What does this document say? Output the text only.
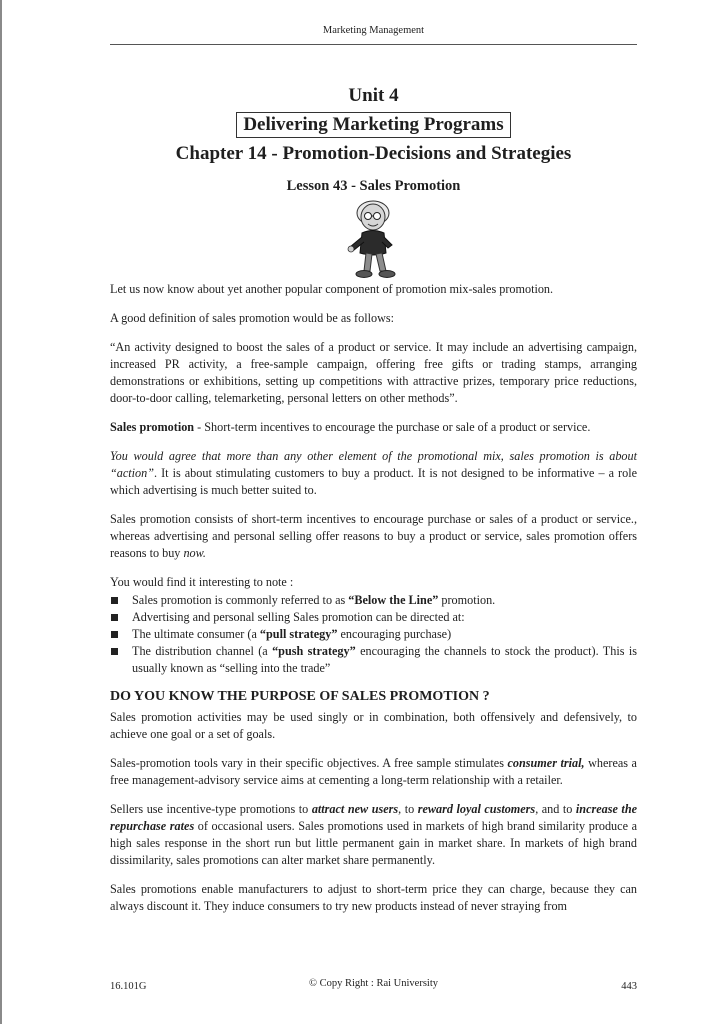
Marketing Management
Unit 4
Delivering Marketing Programs
Chapter 14 - Promotion-Decisions and Strategies
Lesson 43 - Sales Promotion

Let us now know about yet another popular component of promotion mix-sales promotion.

A good definition of sales promotion would be as follows:

“An activity designed to boost the sales of a product or service. It may include an advertising campaign, increased PR activity, a free-sample campaign, offering free gifts or trading stamps, arranging demonstrations or exhibitions, setting up competitions with attractive prizes, temporary price reductions, door-to-door calling, telemarketing, personal letters on other methods”.

Sales promotion - Short-term incentives to encourage the purchase or sale of a product or service.

You would agree that more than any other element of the promotional mix, sales promotion is about “action”. It is about stimulating customers to buy a product. It is not designed to be informative – a role which advertising is much better suited to.

Sales promotion consists of short-term incentives to encourage purchase or sales of a product or service., whereas advertising and personal selling offer reasons to buy a product or service, sales promotion offers reasons to buy now.

You would find it interesting to note :

Sales promotion is commonly referred to as “Below the Line” promotion.
Advertising and personal selling Sales promotion can be directed at:
The ultimate consumer (a “pull strategy” encouraging purchase)
The distribution channel (a “push strategy” encouraging the channels to stock the product). This is usually known as “selling into the trade”
DO YOU KNOW THE PURPOSE OF SALES PROMOTION ?

Sales promotion activities may be used singly or in combination, both offensively and defensively, to achieve one goal or a set of goals.

Sales-promotion tools vary in their specific objectives. A free sample stimulates consumer trial, whereas a free management-advisory service aims at cementing a long-term relationship with a retailer.

Sellers use incentive-type promotions to attract new users, to reward loyal customers, and to increase the repurchase rates of occasional users. Sales promotions used in markets of high brand similarity produce a high sales response in the short run but little permanent gain in market share. In markets of high brand dissimilarity, sales promotions can alter market share permanently.

Sales promotions enable manufacturers to adjust to short-term price they can charge, because they can always discount it. They induce consumers to try new products instead of never straying from

16.101G	© Copy Right : Rai University	443
